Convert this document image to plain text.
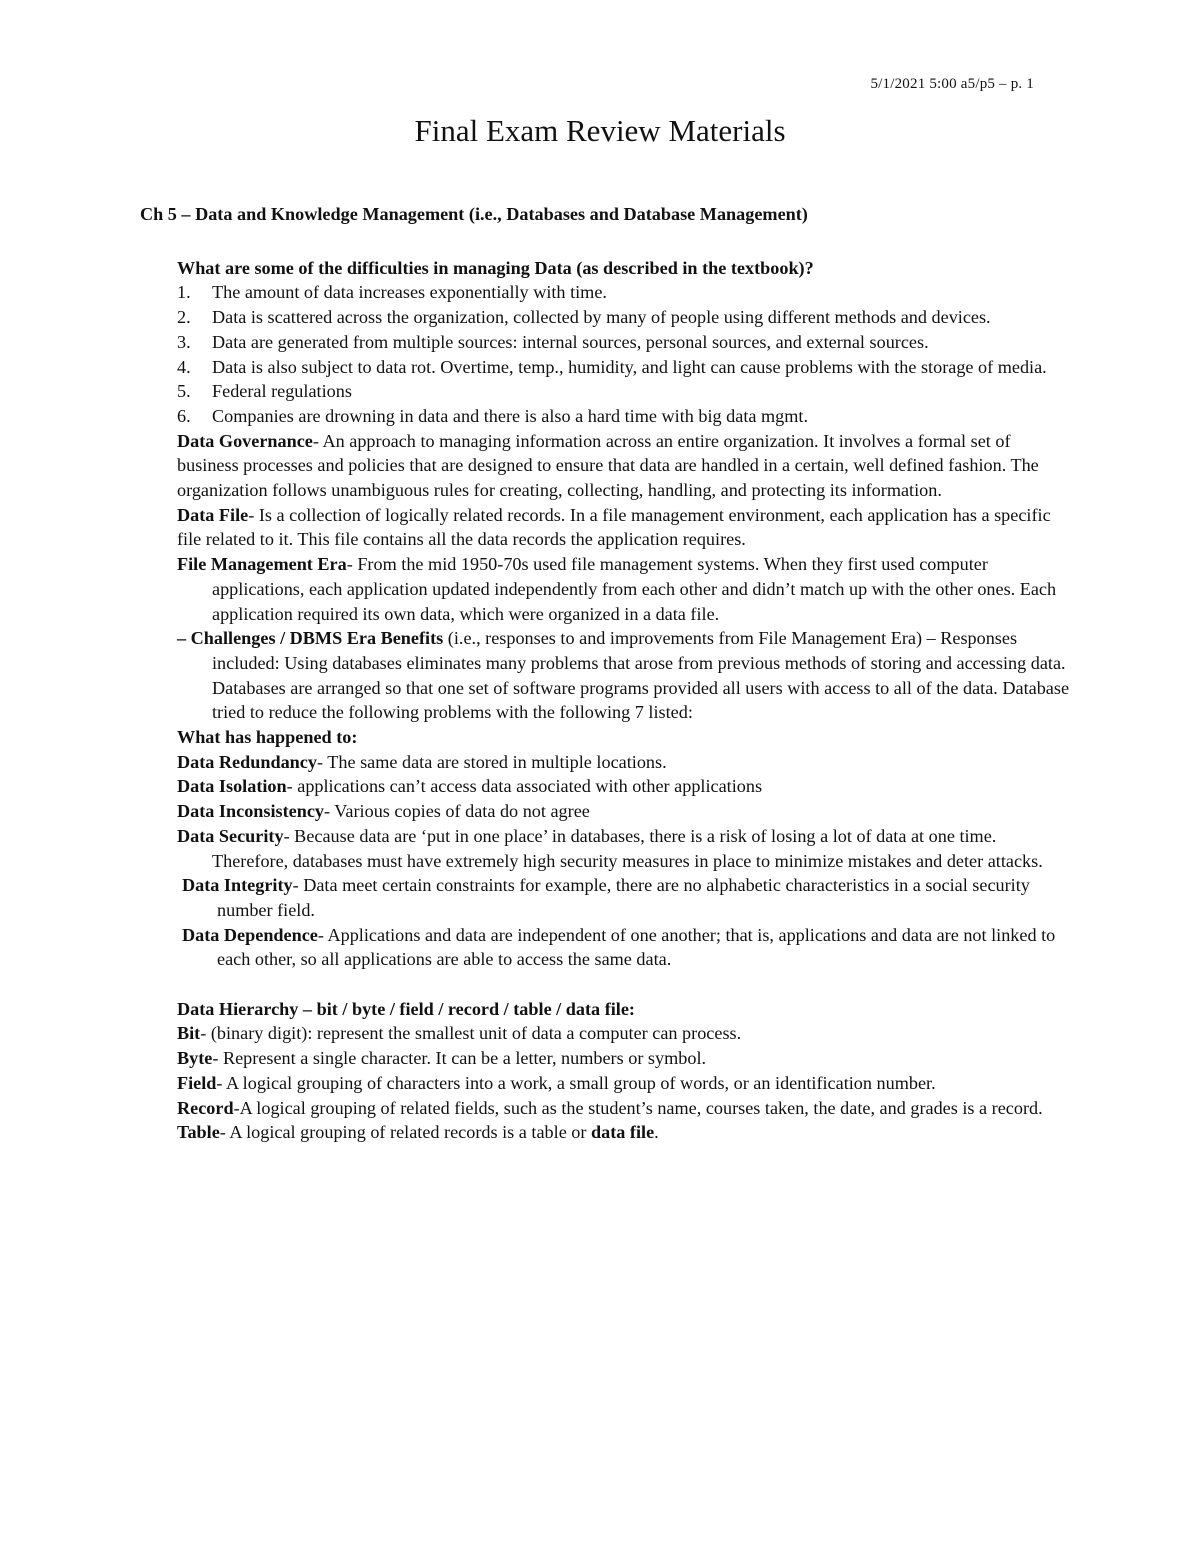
5/1/2021 5:00 a5/p5 – p. 1
Final Exam Review Materials

Ch 5 – Data and Knowledge Management (i.e., Databases and Database Management)

What are some of the difficulties in managing Data (as described in the textbook)?

1. The amount of data increases exponentially with time.
2. Data is scattered across the organization, collected by many of people using different methods and devices.
3. Data are generated from multiple sources: internal sources, personal sources, and external sources.
4. Data is also subject to data rot. Overtime, temp., humidity, and light can cause problems with the storage of media.
5. Federal regulations
6. Companies are drowning in data and there is also a hard time with big data mgmt.

Data Governance- An approach to managing information across an entire organization. It involves a formal set of business processes and policies that are designed to ensure that data are handled in a certain, well defined fashion. The organization follows unambiguous rules for creating, collecting, handling, and protecting its information.

Data File- Is a collection of logically related records. In a file management environment, each application has a specific file related to it. This file contains all the data records the application requires.

File Management Era- From the mid 1950-70s used file management systems. When they first used computer applications, each application updated independently from each other and didn’t match up with the other ones. Each application required its own data, which were organized in a data file.

– Challenges / DBMS Era Benefits (i.e., responses to and improvements from File Management Era) – Responses included: Using databases eliminates many problems that arose from previous methods of storing and accessing data. Databases are arranged so that one set of software programs provided all users with access to all of the data. Database tried to reduce the following problems with the following 7 listed:

What has happened to:

Data Redundancy- The same data are stored in multiple locations.

Data Isolation- applications can’t access data associated with other applications

Data Inconsistency- Various copies of data do not agree

Data Security- Because data are ‘put in one place’ in databases, there is a risk of losing a lot of data at one time. Therefore, databases must have extremely high security measures in place to minimize mistakes and deter attacks.

Data Integrity- Data meet certain constraints for example, there are no alphabetic characteristics in a social security number field.

Data Dependence- Applications and data are independent of one another; that is, applications and data are not linked to each other, so all applications are able to access the same data.

Data Hierarchy – bit / byte / field / record / table / data file:

Bit- (binary digit): represent the smallest unit of data a computer can process.

Byte- Represent a single character. It can be a letter, numbers or symbol.

Field- A logical grouping of characters into a work, a small group of words, or an identification number.

Record-A logical grouping of related fields, such as the student’s name, courses taken, the date, and grades is a record.

Table- A logical grouping of related records is a table or data file.
